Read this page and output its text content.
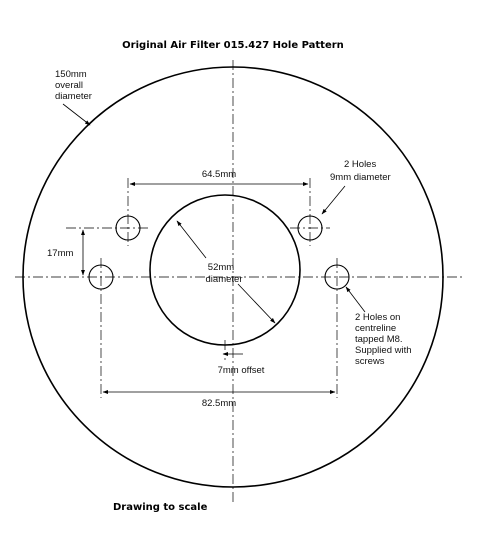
Original Air Filter 015.427 Hole Pattern
64.5mm
82.5mm
17mm
52mm
diameter
7mm offset
150mm
overall
diameter
2 Holes
9mm diameter
2 Holes on
centreline
tapped M8.
Supplied with
screws
Drawing to scale
